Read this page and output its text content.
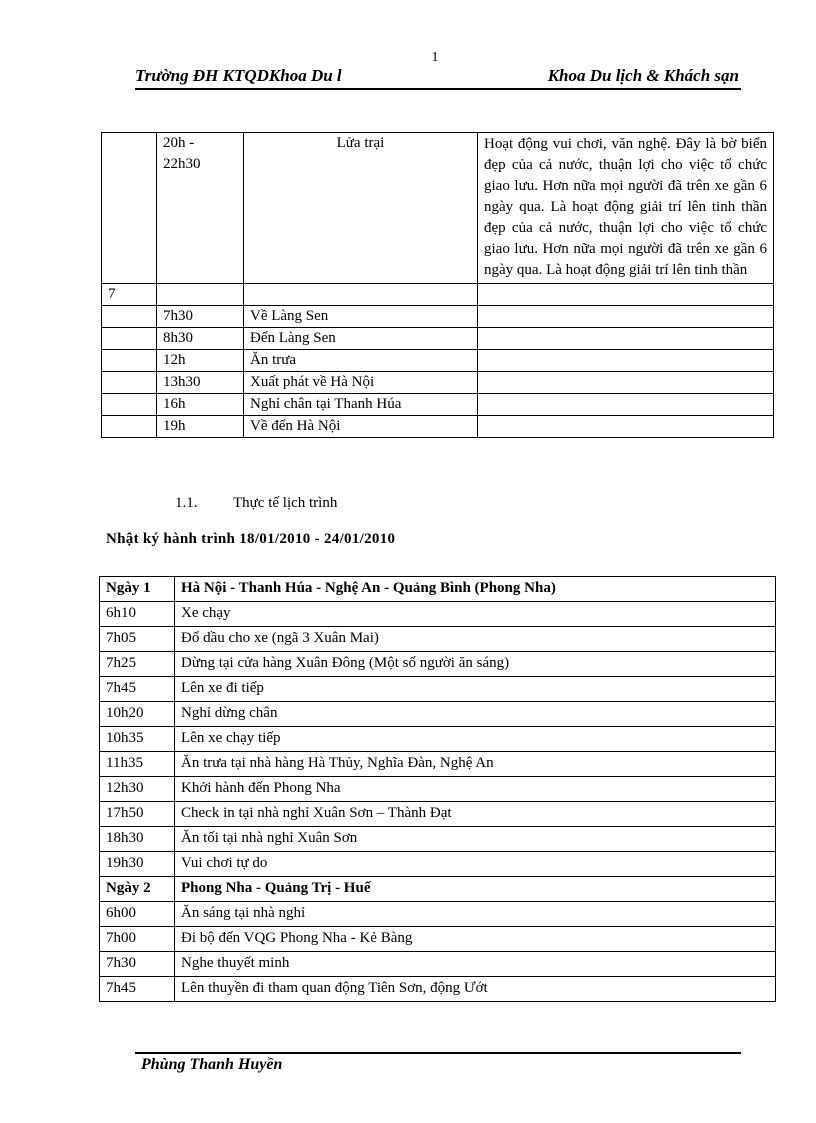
1
Trường ĐH KTQDKhoa Du l	Khoa Du lịch & Khách sạn
	20h -
22h30	Lửa trại	Hoạt động vui chơi, văn nghệ. Đây là bờ biển đẹp của cả nước, thuận lợi cho việc tổ chức giao lưu. Hơn nữa mọi người đã trên xe gần 6 ngày qua. Là hoạt động giải trí lên tinh thần đẹp của cả nước, thuận lợi cho việc tổ chức giao lưu. Hơn nữa mọi người đã trên xe gần 6 ngày qua. Là hoạt động giải trí lên tinh thần
7			
	7h30	Về Làng Sen	
	8h30	Đến Làng Sen	
	12h	Ăn trưa	
	13h30	Xuất phát về Hà Nội	
	16h	Nghỉ chân tại Thanh Húa	
	19h	Về đến Hà Nội	
1.1. Thực tế lịch trình
Nhật ký hành trình 18/01/2010 - 24/01/2010
Ngày 1	Hà Nội - Thanh Húa - Nghệ An - Quảng Bình (Phong Nha)
6h10	Xe chạy
7h05	Đổ dầu cho xe (ngã 3 Xuân Mai)
7h25	Dừng tại cửa hàng Xuân Đông (Một số người ăn sáng)
7h45	Lên xe đi tiếp
10h20	Nghỉ dừng chân
10h35	Lên xe chạy tiếp
11h35	Ăn trưa tại nhà hàng Hà Thủy, Nghĩa Đàn, Nghệ An
12h30	Khởi hành đến Phong Nha
17h50	Check in tại nhà nghỉ Xuân Sơn – Thành Đạt
18h30	Ăn tối tại nhà nghỉ Xuân Sơn
19h30	Vui chơi tự do
Ngày 2	Phong Nha - Quảng Trị - Huế
6h00	Ăn sáng tại nhà nghỉ
7h00	Đi bộ đến VQG Phong Nha - Kẻ Bàng
7h30	Nghe thuyết minh
7h45	Lên thuyền đi tham quan động Tiên Sơn, động Ướt
Phùng Thanh Huyền
